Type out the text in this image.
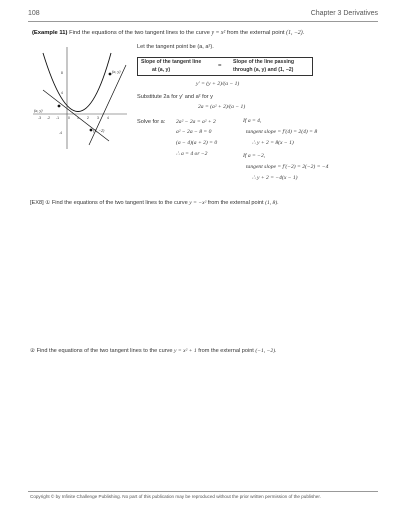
108	Chapter 3 Derivatives
(Example 11) Find the equations of the two tangent lines to the curve y = x² from the external point (1, −2).
8
4
-4
-3 -2 -1	0 1 2 3 4
(a, y)
(a, y)
(1, −2)
Let the tangent point be (a, a²).
Slope of the tangent line
at (a, y)
=
Slope of the line passing
through (a, y) and (1, −2)
y′ = (y + 2)/(a − 1)
Substitute 2a for y′ and a² for y
2a = (a² + 2)/(a − 1)
Solve for a: 2a² − 2a = a² + 2
a² − 2a − 8 = 0
(a − 4)(a + 2) = 0
∴ a = 4 or −2
If a = 4,
tangent slope = f′(4) = 2(4) = 8
∴ y + 2 = 8(x − 1)
If a = −2,
tangent slope = f′(−2) = 2(−2) = −4
∴ y + 2 = −4(x − 1)
[EX8] ① Find the equations of the two tangent lines to the curve y = −x² from the external point (1, 8).
② Find the equations of the two tangent lines to the curve y = x² + 1 from the external point (−1, −2).
Copyright © by Infinite Challenge Publishing. No part of this publication may be reproduced without the prior written permission of the publisher.
